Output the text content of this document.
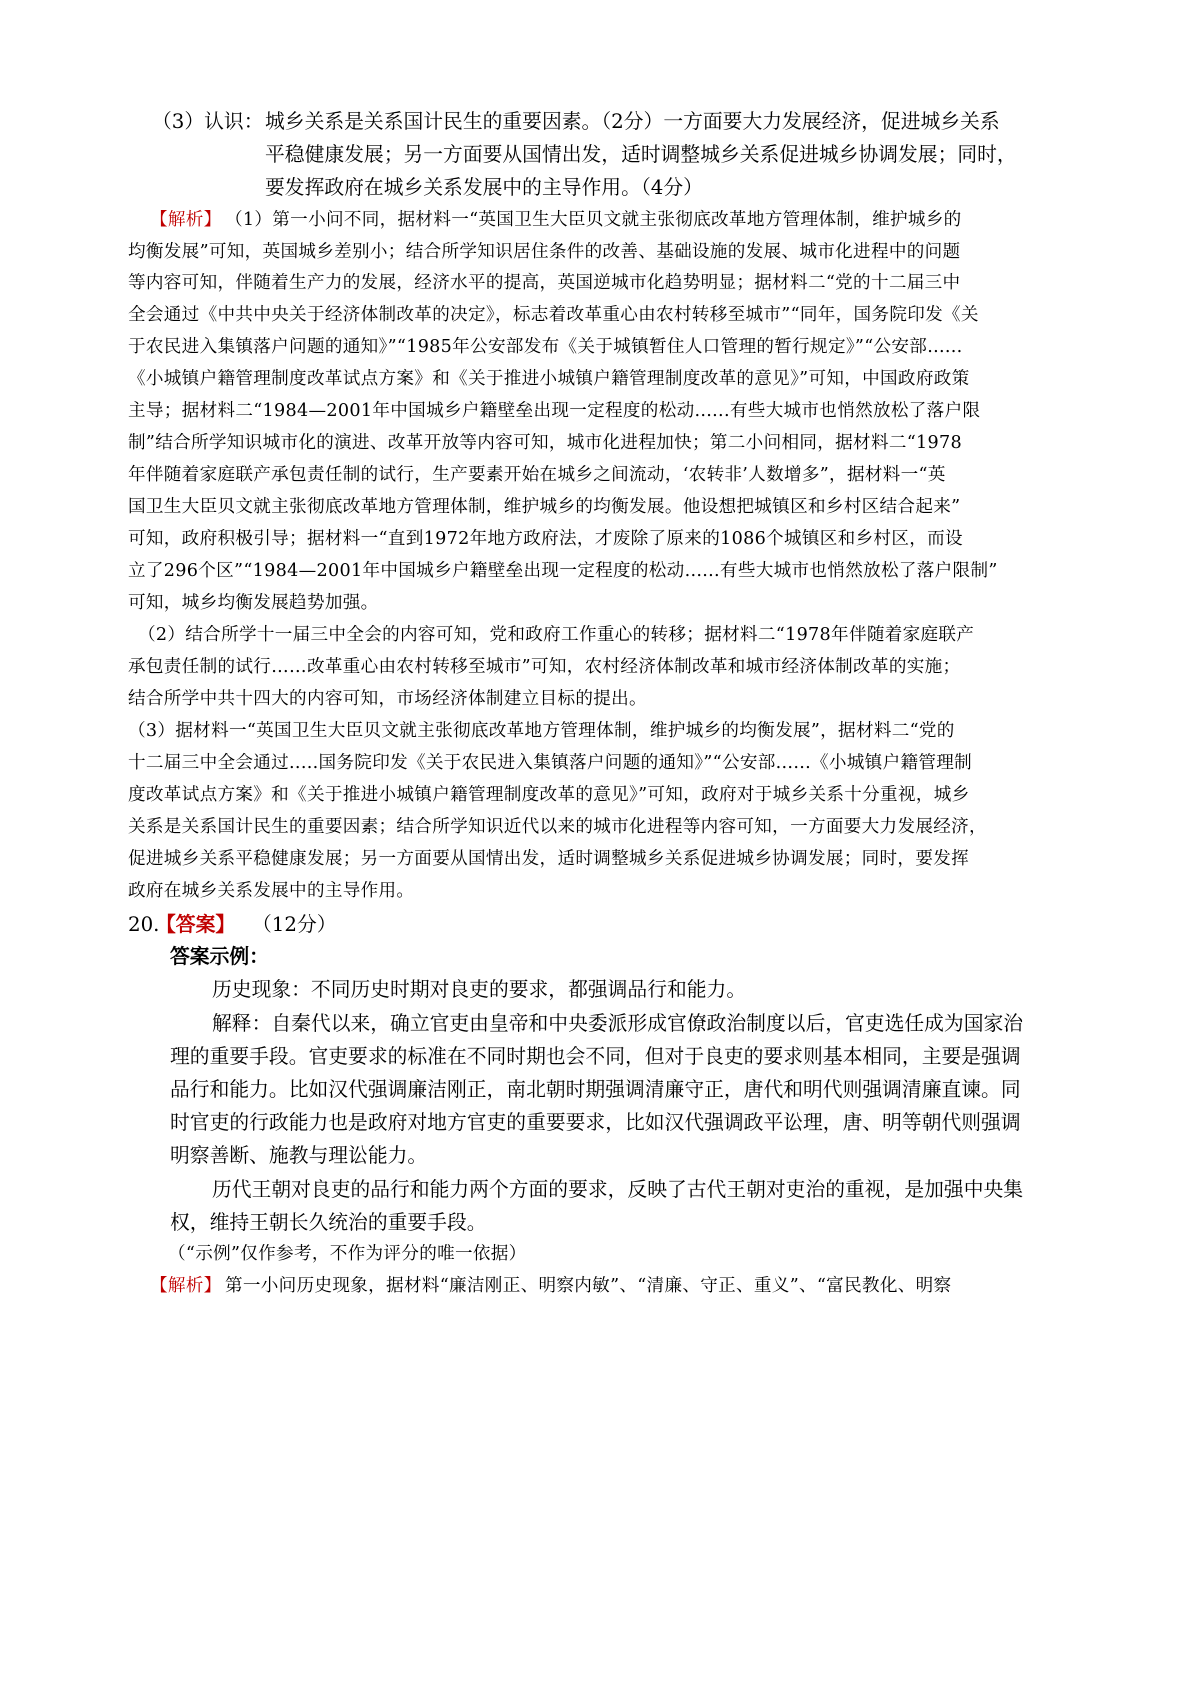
（3）认识： 城乡关系是关系国计民生的重要因素。（2分）一方面要大力发展经济，促进城乡关系
平稳健康发展；另一方面要从国情出发，适时调整城乡关系促进城乡协调发展；同时，
要发挥政府在城乡关系发展中的主导作用。（4分）
【解析】 （1）第一小问不同，据材料一“英国卫生大臣贝文就主张彻底改革地方管理体制，维护城乡的
均衡发展”可知，英国城乡差别小；结合所学知识居住条件的改善、基础设施的发展、城市化进程中的问题
等内容可知，伴随着生产力的发展，经济水平的提高，英国逆城市化趋势明显；据材料二“党的十二届三中
全会通过《中共中央关于经济体制改革的决定》，标志着改革重心由农村转移至城市”“同年，国务院印发《关
于农民进入集镇落户问题的通知》”“1985年公安部发布《关于城镇暂住人口管理的暂行规定》”“公安部......
《小城镇户籍管理制度改革试点方案》和《关于推进小城镇户籍管理制度改革的意见》”可知，中国政府政策
主导；据材料二“1984—2001年中国城乡户籍壁垒出现一定程度的松动......有些大城市也悄然放松了落户限
制”结合所学知识城市化的演进、改革开放等内容可知，城市化进程加快；第二小问相同，据材料二“1978
年伴随着家庭联产承包责任制的试行，生产要素开始在城乡之间流动，‘农转非’人数增多”，据材料一“英
国卫生大臣贝文就主张彻底改革地方管理体制，维护城乡的均衡发展。他设想把城镇区和乡村区结合起来”
可知，政府积极引导；据材料一“直到1972年地方政府法，才废除了原来的1086个城镇区和乡村区，而设
立了296个区”“1984—2001年中国城乡户籍壁垒出现一定程度的松动......有些大城市也悄然放松了落户限制”
可知，城乡均衡发展趋势加强。
（2）结合所学十一届三中全会的内容可知，党和政府工作重心的转移；据材料二“1978年伴随着家庭联产
承包责任制的试行……改革重心由农村转移至城市”可知，农村经济体制改革和城市经济体制改革的实施；
结合所学中共十四大的内容可知，市场经济体制建立目标的提出。
（3）据材料一“英国卫生大臣贝文就主张彻底改革地方管理体制，维护城乡的均衡发展”，据材料二“党的
十二届三中全会通过.....国务院印发《关于农民进入集镇落户问题的通知》”“公安部......《小城镇户籍管理制
度改革试点方案》和《关于推进小城镇户籍管理制度改革的意见》”可知，政府对于城乡关系十分重视，城乡
关系是关系国计民生的重要因素；结合所学知识近代以来的城市化进程等内容可知，一方面要大力发展经济，
促进城乡关系平稳健康发展；另一方面要从国情出发，适时调整城乡关系促进城乡协调发展；同时，要发挥
政府在城乡关系发展中的主导作用。
20.
【答案】 （12分）
答案示例：
历史现象：不同历史时期对良吏的要求，都强调品行和能力。
解释：自秦代以来，确立官吏由皇帝和中央委派形成官僚政治制度以后，官吏选任成为国家治
理的重要手段。官吏要求的标准在不同时期也会不同，但对于良吏的要求则基本相同，主要是强调
品行和能力。比如汉代强调廉洁刚正，南北朝时期强调清廉守正，唐代和明代则强调清廉直谏。同
时官吏的行政能力也是政府对地方官吏的重要要求，比如汉代强调政平讼理，唐、明等朝代则强调
明察善断、施教与理讼能力。
历代王朝对良吏的品行和能力两个方面的要求，反映了古代王朝对吏治的重视，是加强中央集
权，维持王朝长久统治的重要手段。
（“示例”仅作参考，不作为评分的唯一依据）
【解析】 第一小问历史现象，据材料“廉洁刚正、明察内敏”、“清廉、守正、重义”、“富民教化、明察
